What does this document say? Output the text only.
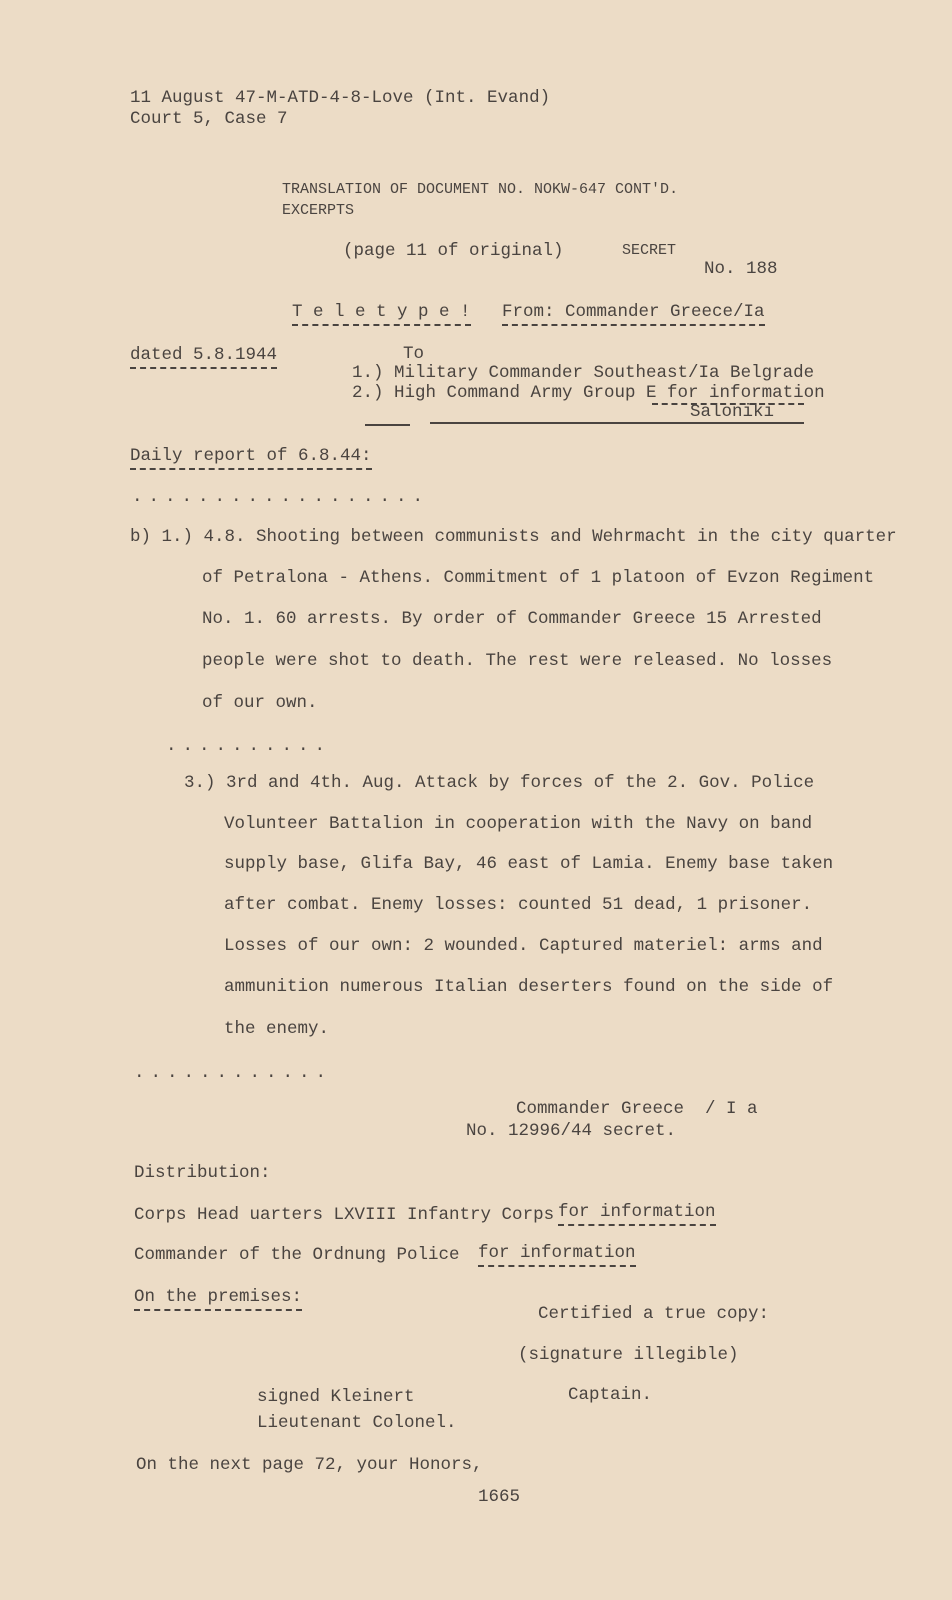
11 August 47-M-ATD-4-8-Love (Int. Evand)
Court 5, Case 7
TRANSLATION OF DOCUMENT NO. NOKW-647 CONT'D.
EXCERPTS
(page 11 of original)	SECRET
No. 188
T e l e t y p e ! From: Commander Greece/Ia
dated 5.8.1944	To
1.) Military Commander Southeast/Ia Belgrade
2.) High Command Army Group E for information
Saloniki
Daily report of 6.8.44:
..................
b) 1.) 4.8. Shooting between communists and Wehrmacht in the city quarter
of Petralona - Athens. Commitment of 1 platoon of Evzon Regiment
No. 1. 60 arrests. By order of Commander Greece 15 Arrested
people were shot to death. The rest were released. No losses
of our own.
..........
3.) 3rd and 4th. Aug. Attack by forces of the 2. Gov. Police
Volunteer Battalion in cooperation with the Navy on band
supply base, Glifa Bay, 46 east of Lamia. Enemy base taken
after combat. Enemy losses: counted 51 dead, 1 prisoner.
Losses of our own: 2 wounded. Captured materiel: arms and
ammunition numerous Italian deserters found on the side of
the enemy.
............
Commander Greece  / I a
No. 12996/44 secret.
Distribution:
Corps Head uarters LXVIII Infantry Corps for information
Commander of the Ordnung Police for information
On the premises:
Certified a true copy:
(signature illegible)
signed Kleinert	Captain.
Lieutenant Colonel.
On the next page 72, your Honors,
1665
